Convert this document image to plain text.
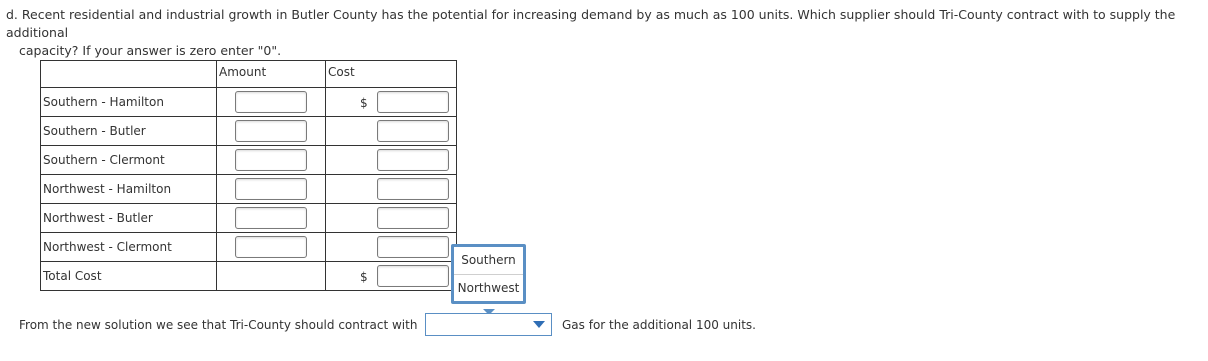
d. Recent residential and industrial growth in Butler County has the potential for increasing demand by as much as 100 units. Which supplier should Tri-County contract with to supply the additional
capacity? If your answer is zero enter "0".

	Amount	Cost

Southern - Hamilton		$

Southern - Butler		

Southern - Clermont		

Northwest - Hamilton		

Northwest - Butler		

Northwest - Clermont		

Total Cost		$
Southern
Northwest
From the new solution we see that Tri-County should contract with	Gas for the additional 100 units.
